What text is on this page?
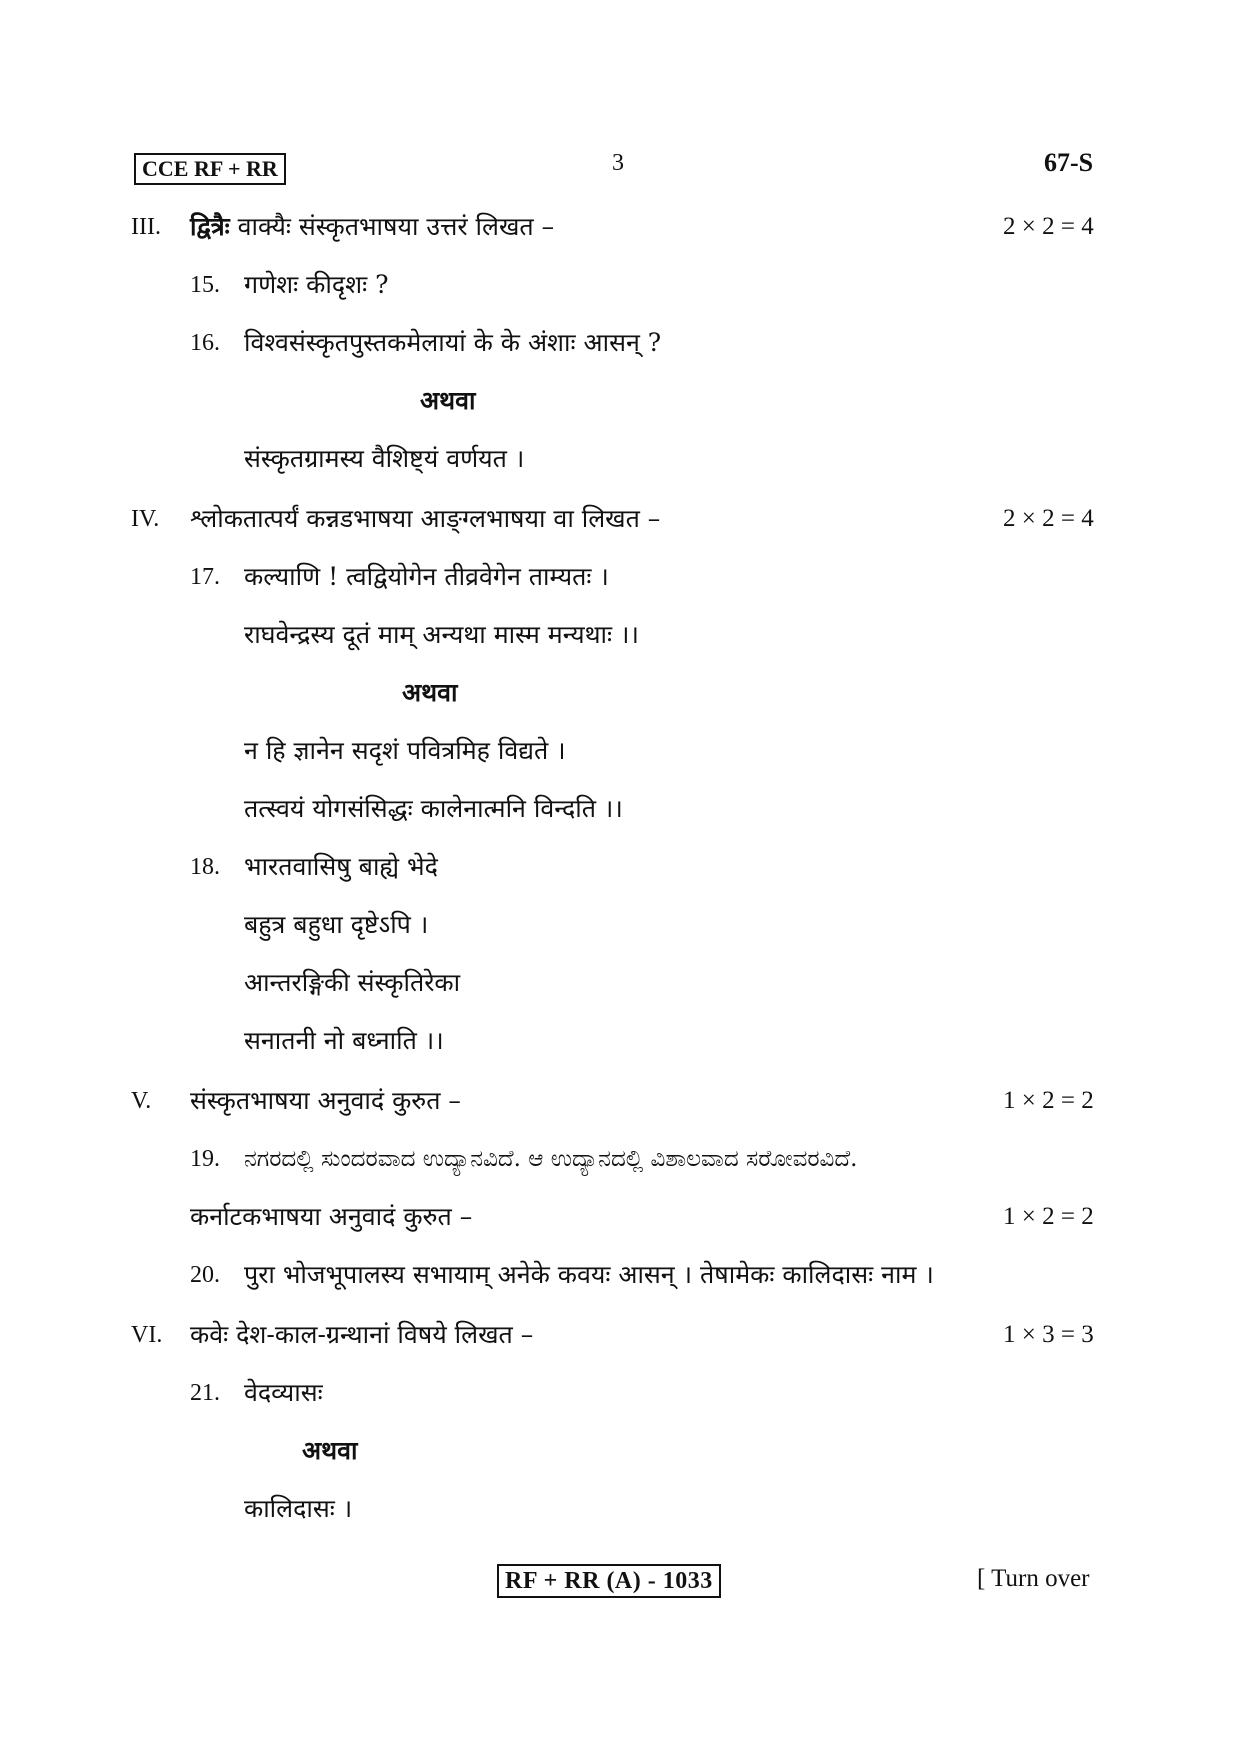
CCE RF + RR	3	67-S
III. द्वित्रैः वाक्यैः संस्कृतभाषया उत्तरं लिखत –	2 × 2 = 4
15. गणेशः कीदृशः ?
16. विश्वसंस्कृतपुस्तकमेलायां के के अंशाः आसन् ?
अथवा
संस्कृतग्रामस्य वैशिष्ट्यं वर्णयत ।
IV. श्लोकतात्पर्यं कन्नडभाषया आङ्ग्लभाषया वा लिखत –	2 × 2 = 4
17. कल्याणि ! त्वद्वियोगेन तीव्रवेगेन ताम्यतः ।
राघवेन्द्रस्य दूतं माम् अन्यथा मास्म मन्यथाः ।।
अथवा
न हि ज्ञानेन सदृशं पवित्रमिह विद्यते ।
तत्स्वयं योगसंसिद्धः कालेनात्मनि विन्दति ।।
18. भारतवासिषु बाह्ये भेदे
बहुत्र बहुधा दृष्टेऽपि ।
आन्तरङ्गिकी संस्कृतिरेका
सनातनी नो बध्नाति ।।
V. संस्कृतभाषया अनुवादं कुरुत –	1 × 2 = 2
19. ನಗರದಲ್ಲಿ ಸುಂದರವಾದ ಉದ್ಯಾನವಿದೆ. ಆ ಉದ್ಯಾನದಲ್ಲಿ ವಿಶಾಲವಾದ ಸರೋವರವಿದೆ.
कर्नाटकभाषया अनुवादं कुरुत –	1 × 2 = 2
20. पुरा भोजभूपालस्य सभायाम् अनेके कवयः आसन् । तेषामेकः कालिदासः नाम ।
VI. कवेः देश-काल-ग्रन्थानां विषये लिखत –	1 × 3 = 3
21. वेदव्यासः
अथवा
कालिदासः ।
RF + RR (A) - 1033	[ Turn over
